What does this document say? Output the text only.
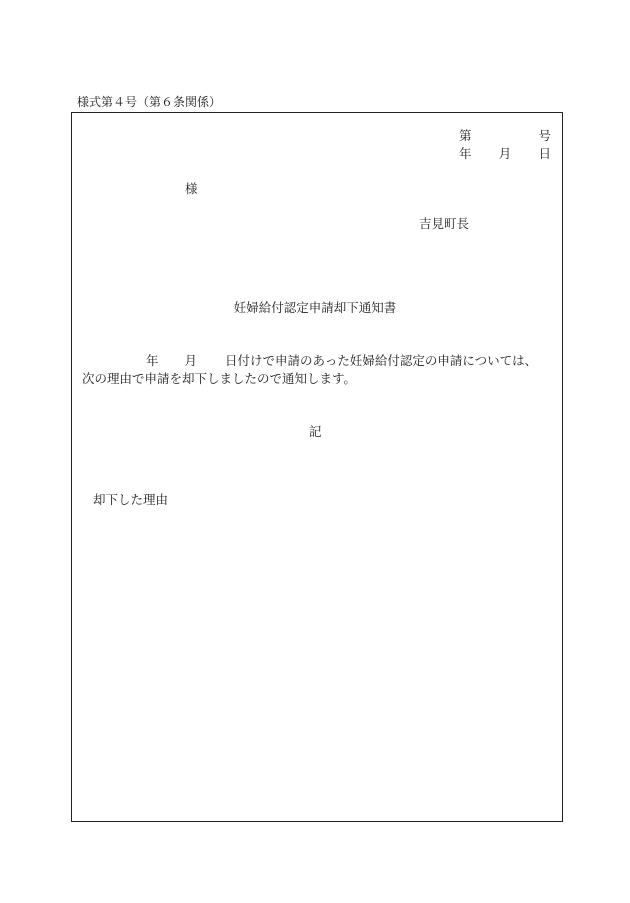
様式第４号（第６条関係）
第	号
年 月 日
様
吉見町長
妊婦給付認定申請却下通知書
年 月 日付けで申請のあった妊婦給付認定の申請については、
次の理由で申請を却下しましたので通知します。
記
却下した理由
